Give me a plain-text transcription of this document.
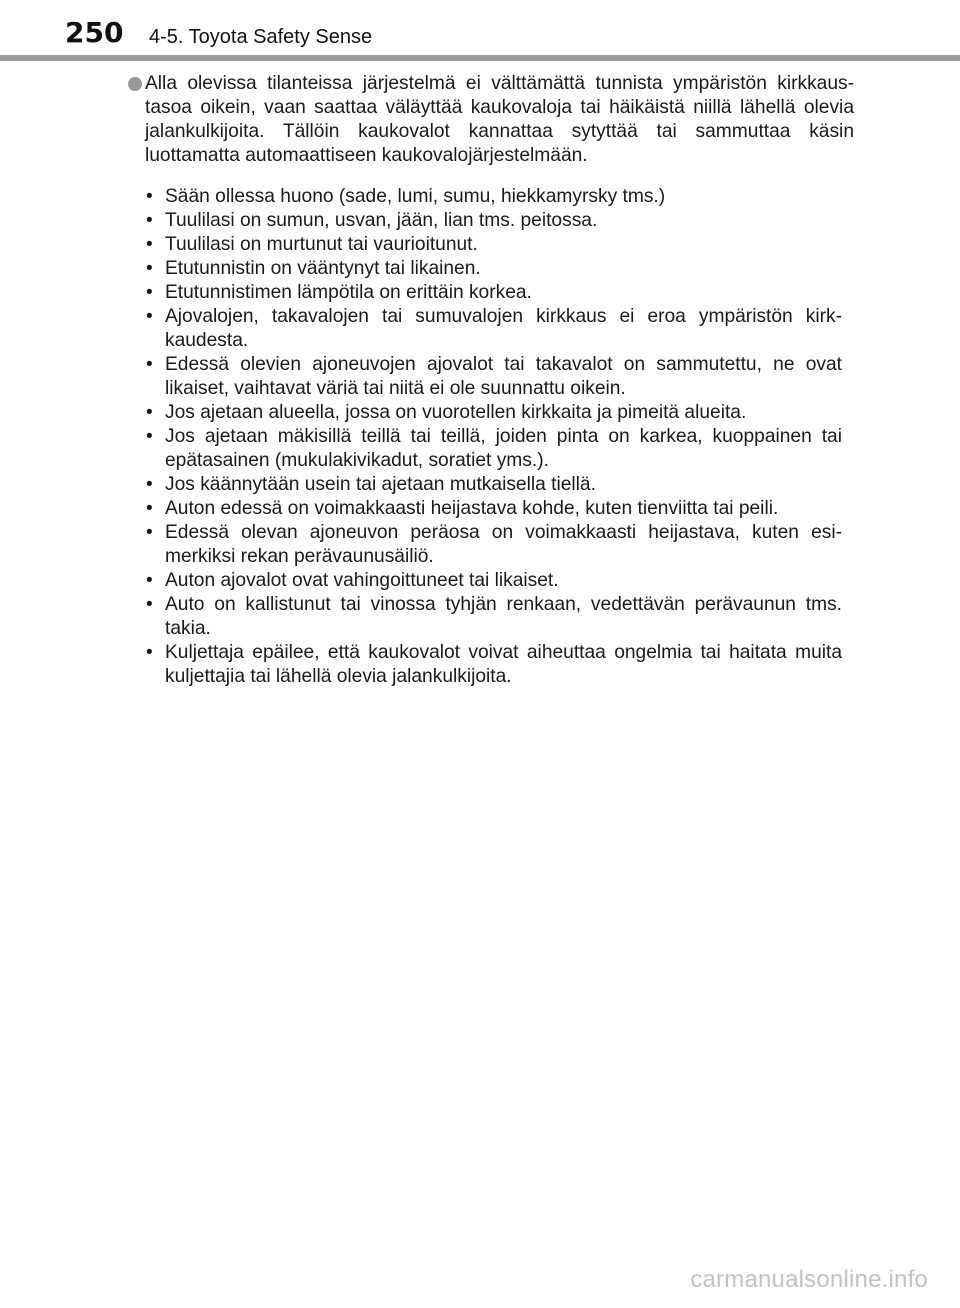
250 4-5. Toyota Safety Sense
Alla olevissa tilanteissa järjestelmä ei välttämättä tunnista ympäristön kirkkaus-tasoa oikein, vaan saattaa väläyttää kaukovaloja tai häikäistä niillä lähellä olevia jalankulkijoita. Tällöin kaukovalot kannattaa sytyttää tai sammuttaa käsin luottamatta automaattiseen kaukovalojärjestelmään.
• Sään ollessa huono (sade, lumi, sumu, hiekkamyrsky tms.)
• Tuulilasi on sumun, usvan, jään, lian tms. peitossa.
• Tuulilasi on murtunut tai vaurioitunut.
• Etutunnistin on vääntynyt tai likainen.
• Etutunnistimen lämpötila on erittäin korkea.
• Ajovalojen, takavalojen tai sumuvalojen kirkkaus ei eroa ympäristön kirk-kaudesta.
• Edessä olevien ajoneuvojen ajovalot tai takavalot on sammutettu, ne ovat likaiset, vaihtavat väriä tai niitä ei ole suunnattu oikein.
• Jos ajetaan alueella, jossa on vuorotellen kirkkaita ja pimeitä alueita.
• Jos ajetaan mäkisillä teillä tai teillä, joiden pinta on karkea, kuoppainen tai epätasainen (mukulakivikadut, soratiet yms.).
• Jos käännytään usein tai ajetaan mutkaisella tiellä.
• Auton edessä on voimakkaasti heijastava kohde, kuten tienviitta tai peili.
• Edessä olevan ajoneuvon peräosa on voimakkaasti heijastava, kuten esi-merkiksi rekan perävaunusäiliö.
• Auton ajovalot ovat vahingoittuneet tai likaiset.
• Auto on kallistunut tai vinossa tyhjän renkaan, vedettävän perävaunun tms. takia.
• Kuljettaja epäilee, että kaukovalot voivat aiheuttaa ongelmia tai haitata muita kuljettajia tai lähellä olevia jalankulkijoita.
carmanualsonline.info
